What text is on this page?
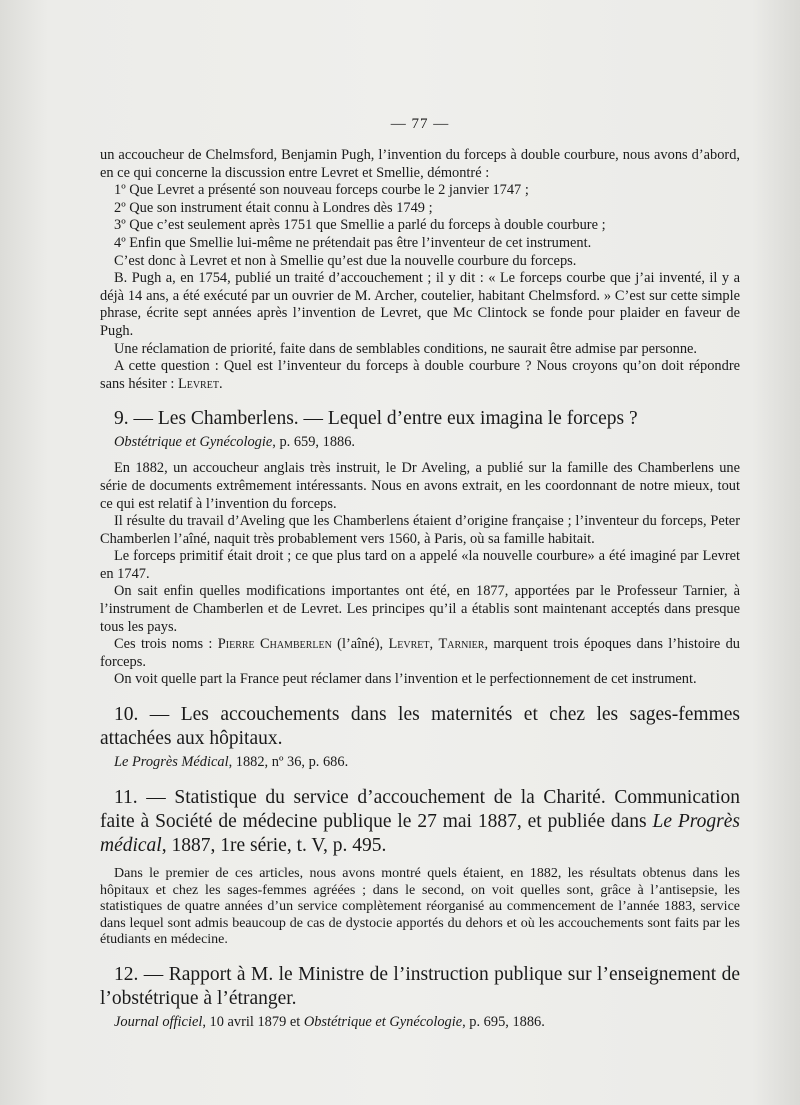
— 77 —

un accoucheur de Chelmsford, Benjamin Pugh, l’invention du forceps à double courbure, nous avons d’abord, en ce qui concerne la discussion entre Levret et Smellie, démontré :

1º Que Levret a présenté son nouveau forceps courbe le 2 janvier 1747 ;

2º Que son instrument était connu à Londres dès 1749 ;

3º Que c’est seulement après 1751 que Smellie a parlé du forceps à double courbure ;

4º Enfin que Smellie lui-même ne prétendait pas être l’inventeur de cet instrument.

C’est donc à Levret et non à Smellie qu’est due la nouvelle courbure du forceps.

B. Pugh a, en 1754, publié un traité d’accouchement ; il y dit : « Le forceps courbe que j’ai inventé, il y a déjà 14 ans, a été exécuté par un ouvrier de M. Archer, coutelier, habitant Chelmsford. » C’est sur cette simple phrase, écrite sept années après l’invention de Levret, que Mc Clintock se fonde pour plaider en faveur de Pugh.

Une réclamation de priorité, faite dans de semblables conditions, ne saurait être admise par personne.

A cette question : Quel est l’inventeur du forceps à double courbure ? Nous croyons qu’on doit répondre sans hésiter : Levret.

9. — Les Chamberlens. — Lequel d’entre eux imagina le forceps ?
Obstétrique et Gynécologie, p. 659, 1886.

En 1882, un accoucheur anglais très instruit, le Dr Aveling, a publié sur la famille des Chamberlens une série de documents extrêmement intéressants. Nous en avons extrait, en les coordonnant de notre mieux, tout ce qui est relatif à l’invention du forceps.

Il résulte du travail d’Aveling que les Chamberlens étaient d’origine française ; l’inventeur du forceps, Peter Chamberlen l’aîné, naquit très probablement vers 1560, à Paris, où sa famille habitait.

Le forceps primitif était droit ; ce que plus tard on a appelé «la nouvelle courbure» a été imaginé par Levret en 1747.

On sait enfin quelles modifications importantes ont été, en 1877, apportées par le Professeur Tarnier, à l’instrument de Chamberlen et de Levret. Les principes qu’il a établis sont maintenant acceptés dans presque tous les pays.

Ces trois noms : Pierre Chamberlen (l’aîné), Levret, Tarnier, marquent trois époques dans l’histoire du forceps.

On voit quelle part la France peut réclamer dans l’invention et le perfectionnement de cet instrument.

10. — Les accouchements dans les maternités et chez les sages-femmes attachées aux hôpitaux.
Le Progrès Médical, 1882, nº 36, p. 686.
11. — Statistique du service d’accouchement de la Charité. Communication faite à Société de médecine publique le 27 mai 1887, et publiée dans Le Progrès médical, 1887, 1re série, t. V, p. 495.

Dans le premier de ces articles, nous avons montré quels étaient, en 1882, les résultats obtenus dans les hôpitaux et chez les sages-femmes agréées ; dans le second, on voit quelles sont, grâce à l’antisepsie, les statistiques de quatre années d’un service complètement réorganisé au commencement de l’année 1883, service dans lequel sont admis beaucoup de cas de dystocie apportés du dehors et où les accouchements sont faits par les étudiants en médecine.

12. — Rapport à M. le Ministre de l’instruction publique sur l’enseignement de l’obstétrique à l’étranger.
Journal officiel, 10 avril 1879 et Obstétrique et Gynécologie, p. 695, 1886.
